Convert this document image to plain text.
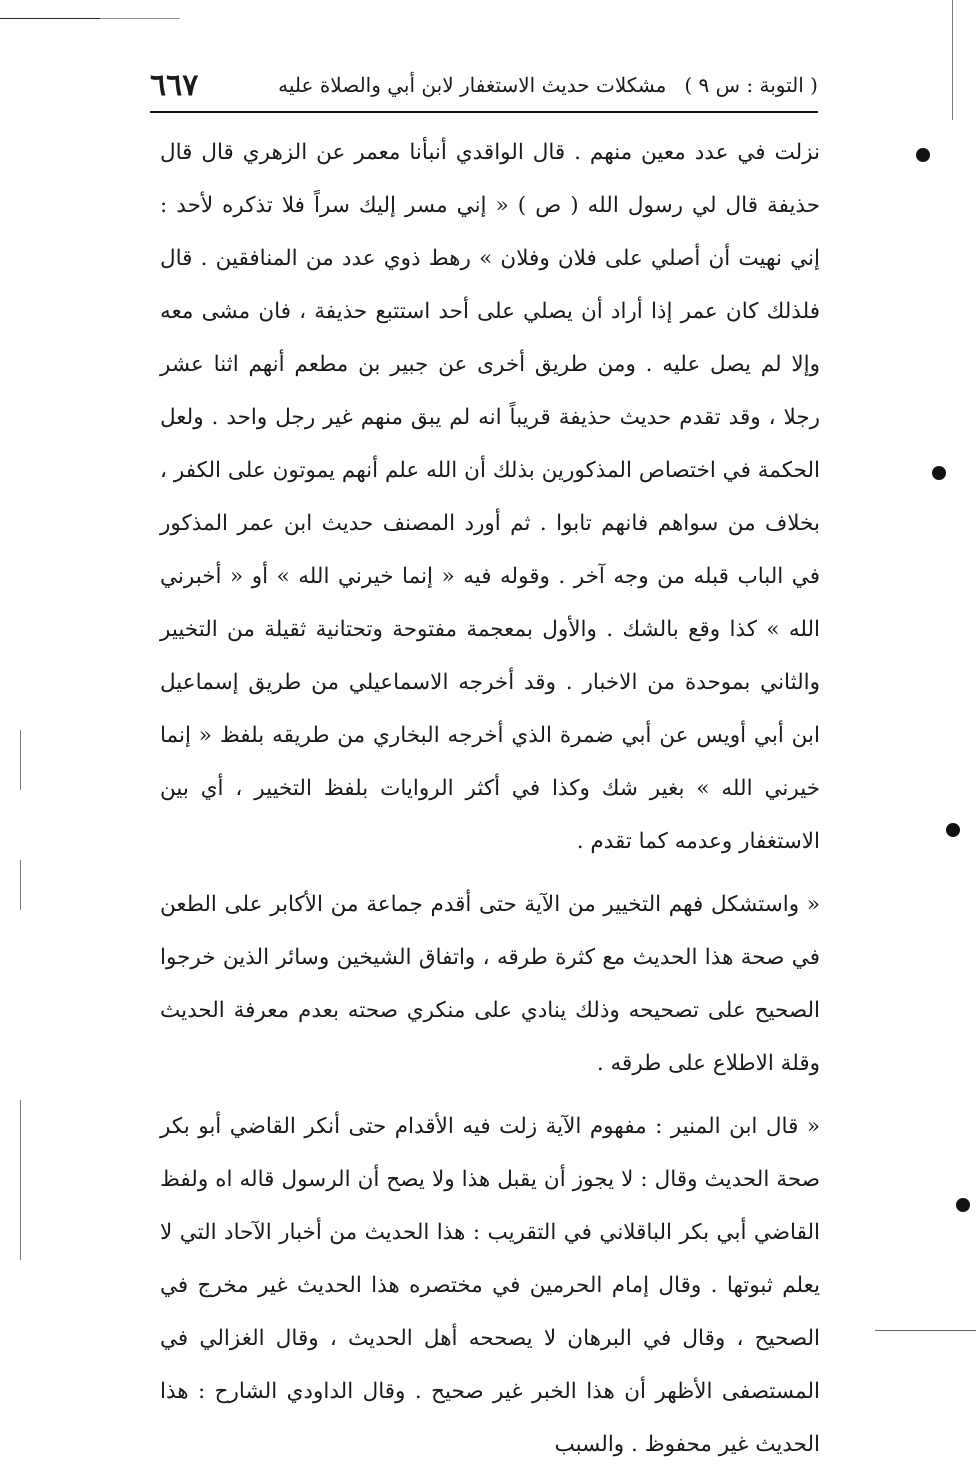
( التوبة : س ٩ )
مشكلات حديث الاستغفار لابن أبي والصلاة عليه
٦٦٧

نزلت في عدد معين منهم . قال الواقدي أنبأنا معمر عن الزهري قال قال حذيفة قال لي رسول الله ( ص ) « إني مسر إليك سراً فلا تذكره لأحد : إني نهيت أن أصلي على فلان وفلان » رهط ذوي عدد من المنافقين . قال فلذلك كان عمر إذا أراد أن يصلي على أحد استتبع حذيفة ، فان مشى معه وإلا لم يصل عليه . ومن طريق أخرى عن جبير بن مطعم أنهم اثنا عشر رجلا ، وقد تقدم حديث حذيفة قريباً انه لم يبق منهم غير رجل واحد . ولعل الحكمة في اختصاص المذكورين بذلك أن الله علم أنهم يموتون على الكفر ، بخلاف من سواهم فانهم تابوا . ثم أورد المصنف حديث ابن عمر المذكور في الباب قبله من وجه آخر . وقوله فيه « إنما خيرني الله » أو « أخبرني الله » كذا وقع بالشك . والأول بمعجمة مفتوحة وتحتانية ثقيلة من التخيير والثاني بموحدة من الاخبار . وقد أخرجه الاسماعيلي من طريق إسماعيل ابن أبي أويس عن أبي ضمرة الذي أخرجه البخاري من طريقه بلفظ « إنما خيرني الله » بغير شك وكذا في أكثر الروايات بلفظ التخيير ، أي بين الاستغفار وعدمه كما تقدم .

« واستشكل فهم التخيير من الآية حتى أقدم جماعة من الأكابر على الطعن في صحة هذا الحديث مع كثرة طرقه ، واتفاق الشيخين وسائر الذين خرجوا الصحيح على تصحيحه وذلك ينادي على منكري صحته بعدم معرفة الحديث وقلة الاطلاع على طرقه .

« قال ابن المنير : مفهوم الآية زلت فيه الأقدام حتى أنكر القاضي أبو بكر صحة الحديث وقال : لا يجوز أن يقبل هذا ولا يصح أن الرسول قاله اه ولفظ القاضي أبي بكر الباقلاني في التقريب : هذا الحديث من أخبار الآحاد التي لا يعلم ثبوتها . وقال إمام الحرمين في مختصره هذا الحديث غير مخرج في الصحيح ، وقال في البرهان لا يصححه أهل الحديث ، وقال الغزالي في المستصفى الأظهر أن هذا الخبر غير صحيح . وقال الداودي الشارح : هذا الحديث غير محفوظ . والسبب
